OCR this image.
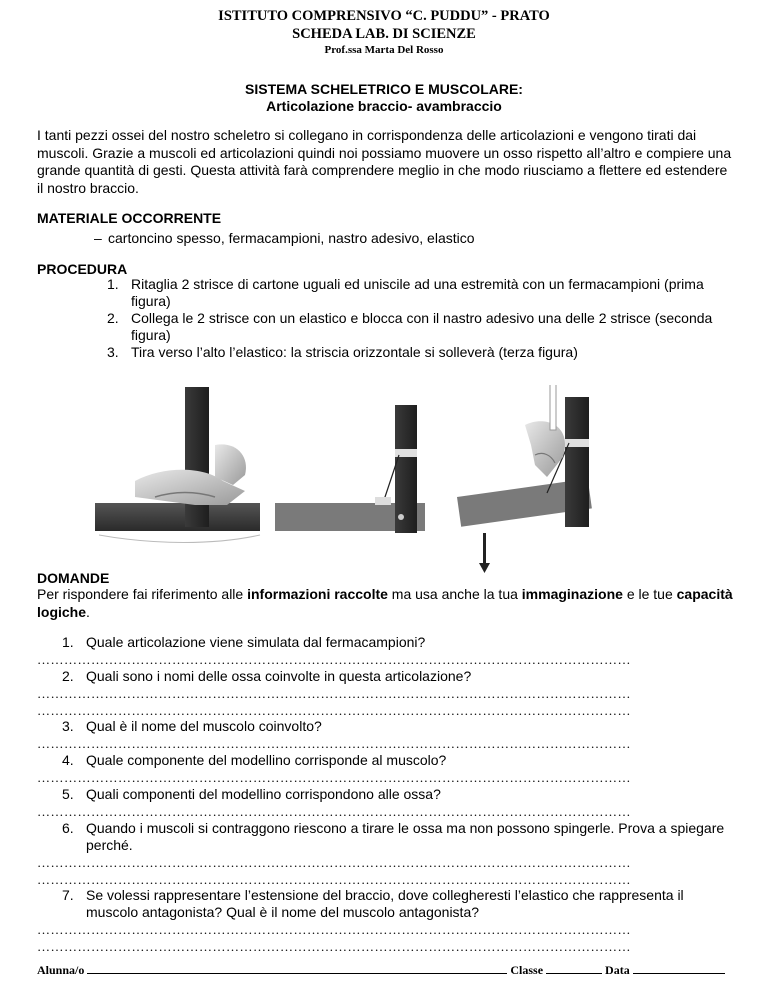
ISTITUTO COMPRENSIVO “C. PUDDU” - PRATO
SCHEDA LAB. DI SCIENZE
Prof.ssa Marta Del Rosso
SISTEMA SCHELETRICO E MUSCOLARE:
Articolazione braccio- avambraccio
I tanti pezzi ossei del nostro scheletro si collegano in corrispondenza delle articolazioni e vengono tirati dai muscoli. Grazie a muscoli ed articolazioni quindi noi possiamo muovere un osso rispetto all’altro e compiere una grande quantità di gesti. Questa attività farà comprendere meglio in che modo riusciamo a flettere ed estendere il nostro braccio.
MATERIALE OCCORRENTE
– cartoncino spesso, fermacampioni, nastro adesivo, elastico
PROCEDURA
1. Ritaglia 2 strisce di cartone uguali ed uniscile ad una estremità con un fermacampioni (prima figura)
2. Collega le 2 strisce con un elastico e blocca con il nastro adesivo una delle 2 strisce (seconda figura)
3. Tira verso l’alto l’elastico: la striscia orizzontale si solleverà (terza figura)
DOMANDE
Per rispondere fai riferimento alle informazioni raccolte ma usa anche la tua immaginazione e le tue capacità logiche.
1. Quale articolazione viene simulata dal fermacampioni?
……………………………………………………………………………………………………………………
2. Quali sono i nomi delle ossa coinvolte in questa articolazione?
……………………………………………………………………………………………………………………
……………………………………………………………………………………………………………………
3. Qual è il nome del muscolo coinvolto?
……………………………………………………………………………………………………………………
4. Quale componente del modellino corrisponde al muscolo?
……………………………………………………………………………………………………………………
5. Quali componenti del modellino corrispondono alle ossa?
……………………………………………………………………………………………………………………
6. Quando i muscoli si contraggono riescono a tirare le ossa ma non possono spingerle. Prova a spiegare perché.
……………………………………………………………………………………………………………………
……………………………………………………………………………………………………………………
7. Se volessi rappresentare l’estensione del braccio, dove collegheresti l’elastico che rappresenta il muscolo antagonista? Qual è il nome del muscolo antagonista?
……………………………………………………………………………………………………………………
……………………………………………………………………………………………………………………
Alunna/o	Classe	Data
